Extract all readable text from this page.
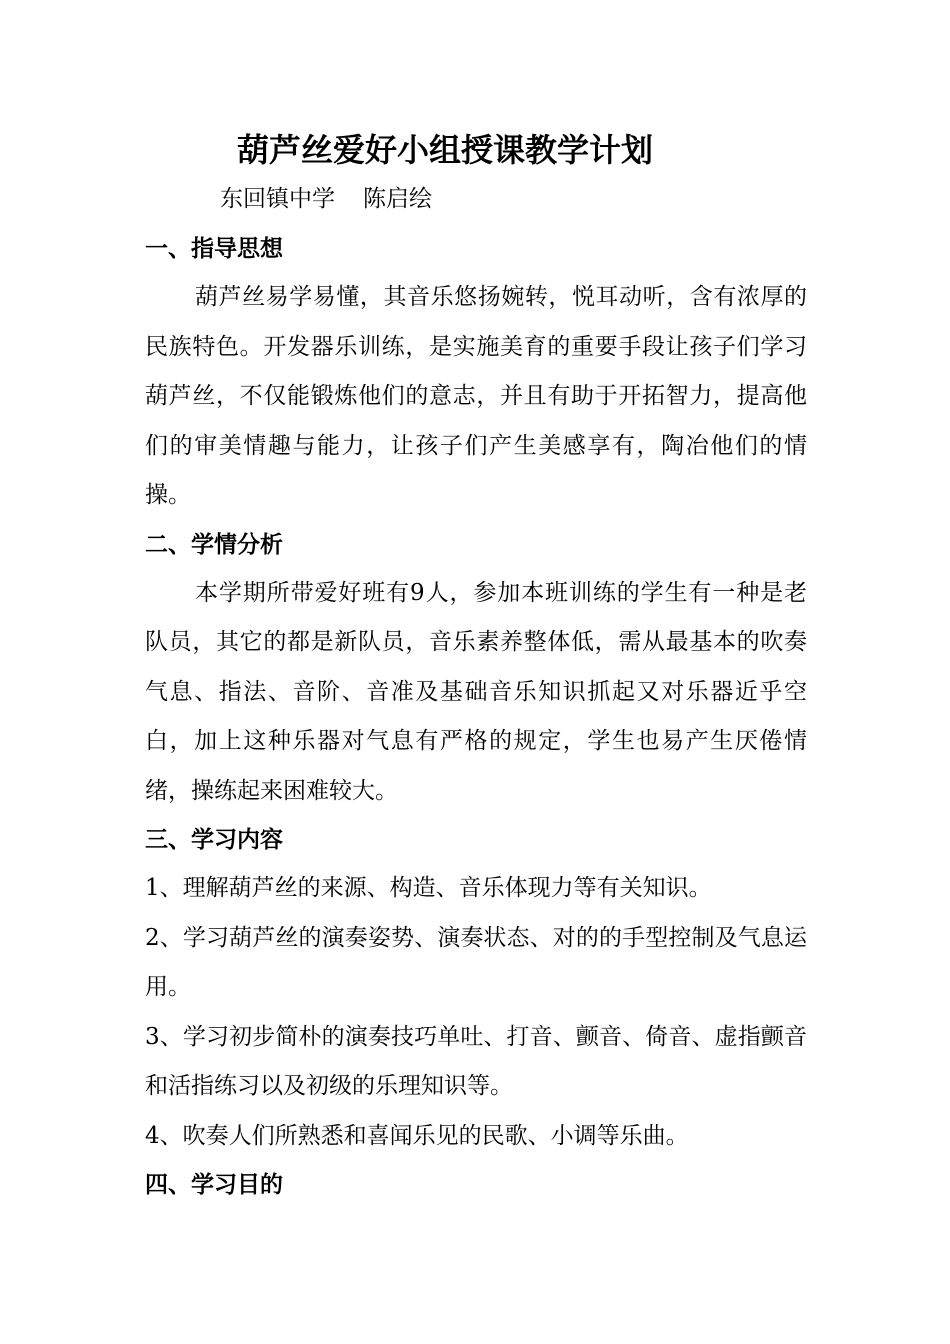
葫芦丝爱好小组授课教学计划
东回镇中学 陈启绘
一、指导思想

葫芦丝易学易懂，其音乐悠扬婉转，悦耳动听，含有浓厚的民族特色。开发器乐训练，是实施美育的重要手段让孩子们学习葫芦丝，不仅能锻炼他们的意志，并且有助于开拓智力，提高他们的审美情趣与能力，让孩子们产生美感享有，陶冶他们的情操。

二、学情分析

本学期所带爱好班有9人，参加本班训练的学生有一种是老队员，其它的都是新队员，音乐素养整体低，需从最基本的吹奏气息、指法、音阶、音准及基础音乐知识抓起又对乐器近乎空白，加上这种乐器对气息有严格的规定，学生也易产生厌倦情绪，操练起来困难较大。

三、学习内容

1、理解葫芦丝的来源、构造、音乐体现力等有关知识。

2、学习葫芦丝的演奏姿势、演奏状态、对的的手型控制及气息运用。

3、学习初步简朴的演奏技巧单吐、打音、颤音、倚音、虚指颤音和活指练习以及初级的乐理知识等。

4、吹奏人们所熟悉和喜闻乐见的民歌、小调等乐曲。

四、学习目的
